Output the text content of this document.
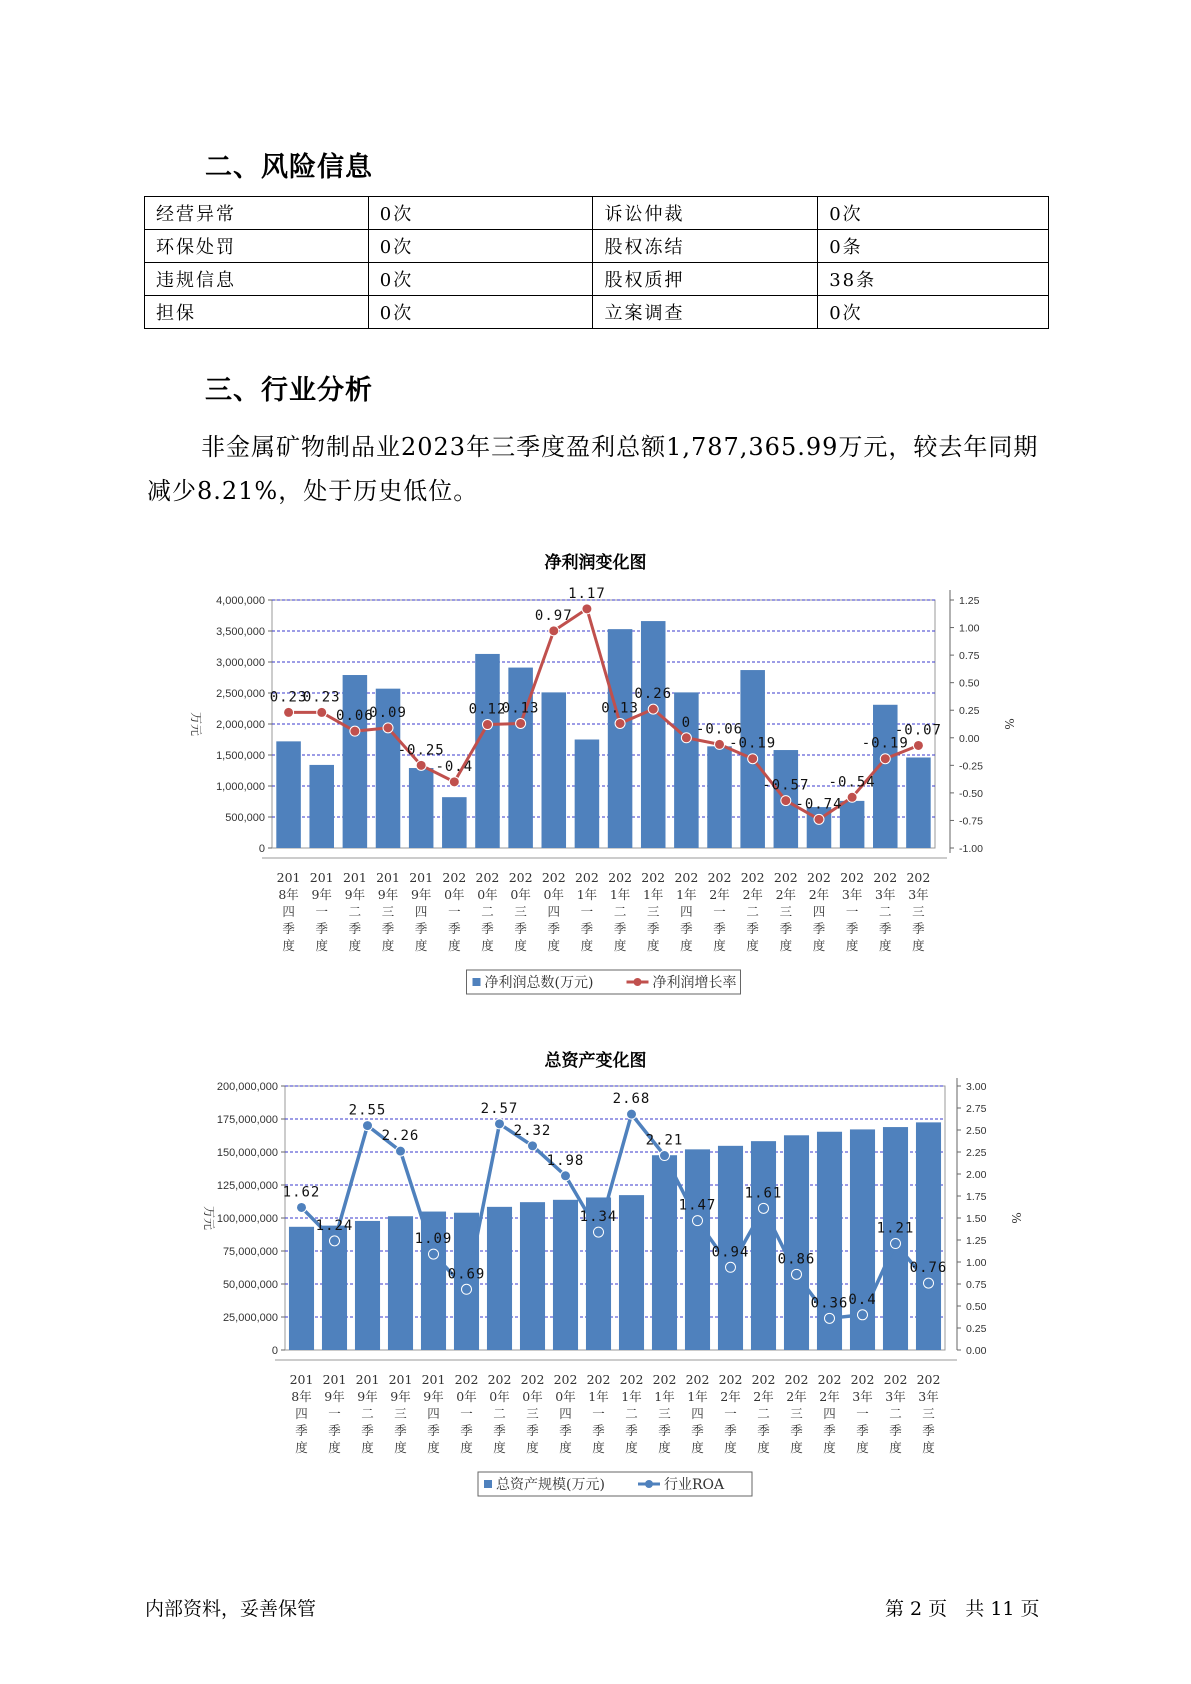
二、风险信息
经营异常	0次	诉讼仲裁	0次
环保处罚	0次	股权冻结	0条
违规信息	0次	股权质押	38条
担保	0次	立案调查	0次
三、行业分析

非金属矿物制品业2023年三季度盈利总额1,787,365.99万元，较去年同期减少8.21%，处于历史低位。

净利润变化图
0
500,000
1,000,000
1,500,000
2,000,000
2,500,000
3,000,000
3,500,000
4,000,000
-1.00
-0.75
-0.50
-0.25
0.00
0.25
0.50
0.75
1.00
1.25
万元	%
0.23
0.23
0.06
0.09
-0.25
-0.4
0.12
0.13
0.97
1.17
0.13
0.26
0 -0.06
-0.19
-0.57
-0.74
-0.54
-0.19
-0.07
201 8年四季度
201 9年一季度
201 9年二季度
201 9年三季度
201 9年四季度
202 0年一季度
202 0年二季度
202 0年三季度
202 0年四季度
202 1年一季度
202 1年二季度
202 1年三季度
202 1年四季度
202 2年一季度
202 2年二季度
202 2年三季度
202 2年四季度
202 3年一季度
202 3年二季度
202 3年三季度
净利润总数(万元)	净利润增长率
总资产变化图
0
25,000,000
50,000,000
75,000,000
100,000,000
125,000,000
150,000,000
175,000,000
200,000,000
0.00
0.25
0.50
0.75
1.00
1.25
1.50
1.75
2.00
2.25
2.50
2.75
3.00
万元	%
1.62
1.24
2.55
2.26
1.09
0.69
2.57
2.32
1.98
1.34
2.68
2.21
1.47
0.94
1.61
0.86
0.36 0.4
1.21
0.76
201 8年四季度
201 9年一季度
201 9年二季度
201 9年三季度
201 9年四季度
202 0年一季度
202 0年二季度
202 0年三季度
202 0年四季度
202 1年一季度
202 1年二季度
202 1年三季度
202 1年四季度
202 2年一季度
202 2年二季度
202 2年三季度
202 2年四季度
202 3年一季度
202 3年二季度
202 3年三季度
总资产规模(万元)	行业ROA
内部资料，妥善保管	第 2 页   共 11 页
